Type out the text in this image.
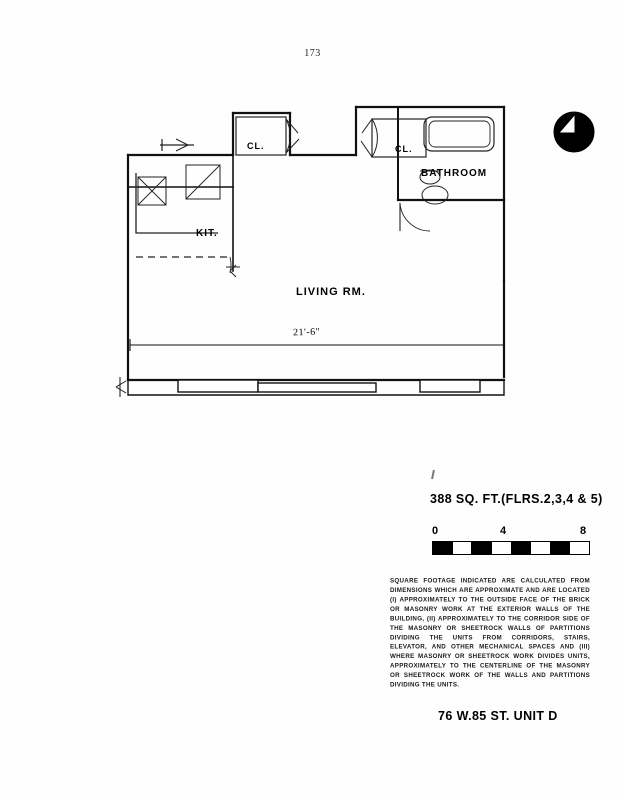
173
LIVING RM.
KIT.
BATHROOM
CL.	CL.
21'-6"
388 SQ. FT.(FLRS.2,3,4 & 5)
0	4	8
SQUARE FOOTAGE INDICATED ARE CALCULATED FROM DIMENSIONS WHICH ARE APPROXIMATE AND ARE LOCATED (I) APPROXIMATELY TO THE OUTSIDE FACE OF THE BRICK OR MASONRY WORK AT THE EXTERIOR WALLS OF THE BUILDING, (II) APPROXIMATELY TO THE CORRIDOR SIDE OF THE MASONRY OR SHEETROCK WALLS OF PARTITIONS DIVIDING THE UNITS FROM CORRIDORS, STAIRS, ELEVATOR, AND OTHER MECHANICAL SPACES AND (III) WHERE MASONRY OR SHEETROCK WORK DIVIDES UNITS, APPROXIMATELY TO THE CENTERLINE OF THE MASONRY OR SHEETROCK WORK OF THE WALLS AND PARTITIONS DIVIDING THE UNITS.
76 W.85 ST. UNIT D
